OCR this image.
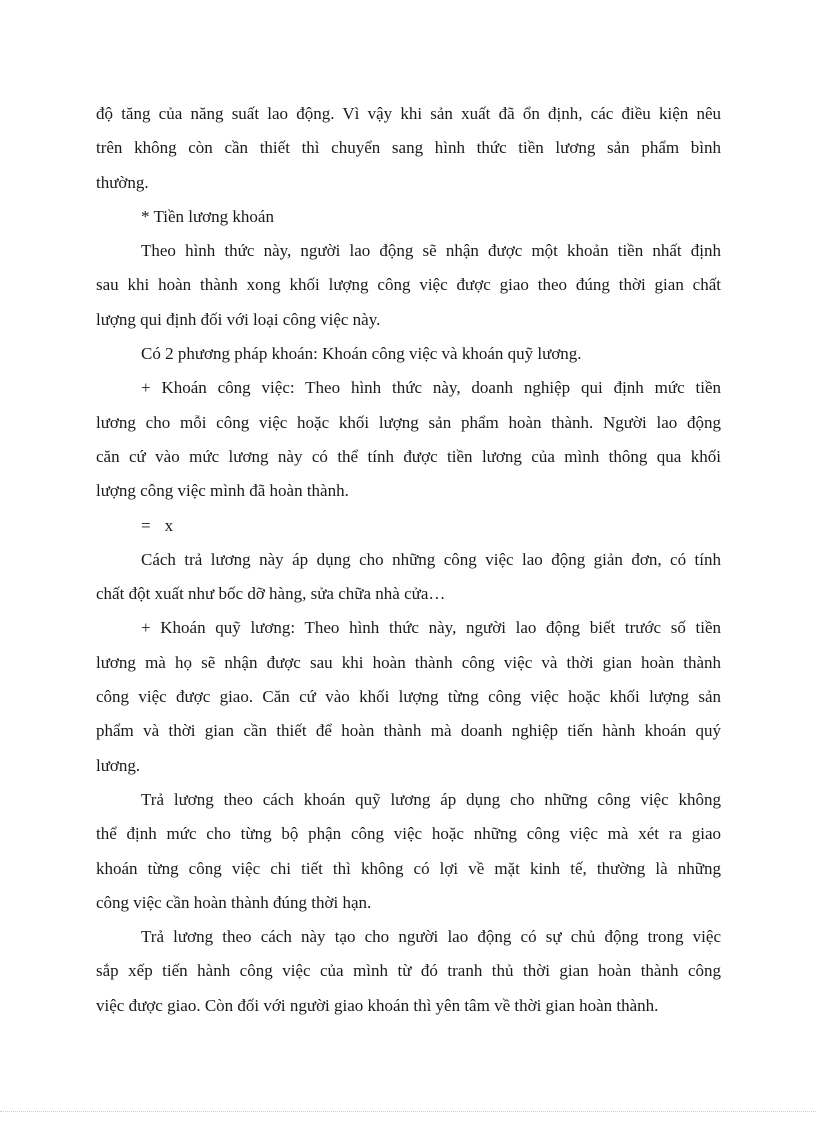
độ tăng của năng suất lao động. Vì vậy khi sản xuất đã ổn định, các điều kiện nêu
trên không còn cần thiết thì chuyển sang hình thức tiền lương sản phẩm bình
thường.
* Tiền lương khoán
Theo hình thức này, người lao động sẽ nhận được một khoản tiền nhất định
sau khi hoàn thành xong khối lượng công việc được giao theo đúng thời gian chất
lượng qui định đối với loại công việc này.
Có 2 phương pháp khoán: Khoán công việc và khoán quỹ lương.
+ Khoán công việc: Theo hình thức này, doanh nghiệp qui định mức tiền
lương cho mỗi công việc hoặc khối lượng sản phẩm hoàn thành. Người lao động
căn cứ vào mức lương này có thể tính được tiền lương của mình thông qua khối
lượng công việc mình đã hoàn thành.
= x
Cách trả lương này áp dụng cho những công việc lao động giản đơn, có tính
chất đột xuất như bốc dỡ hàng, sửa chữa nhà cửa…
+ Khoán quỹ lương: Theo hình thức này, người lao động biết trước số tiền
lương mà họ sẽ nhận được sau khi hoàn thành công việc và thời gian hoàn thành
công việc được giao. Căn cứ vào khối lượng từng công việc hoặc khối lượng sản
phẩm và thời gian cần thiết để hoàn thành mà doanh nghiệp tiến hành khoán quý
lương.
Trả lương theo cách khoán quỹ lương áp dụng cho những công việc không
thể định mức cho từng bộ phận công việc hoặc những công việc mà xét ra giao
khoán từng công việc chi tiết thì không có lợi về mặt kinh tế, thường là những
công việc cần hoàn thành đúng thời hạn.
Trả lương theo cách này tạo cho người lao động có sự chủ động trong việc
sắp xếp tiến hành công việc của mình từ đó tranh thủ thời gian hoàn thành công
việc được giao. Còn đối với người giao khoán thì yên tâm về thời gian hoàn thành.
